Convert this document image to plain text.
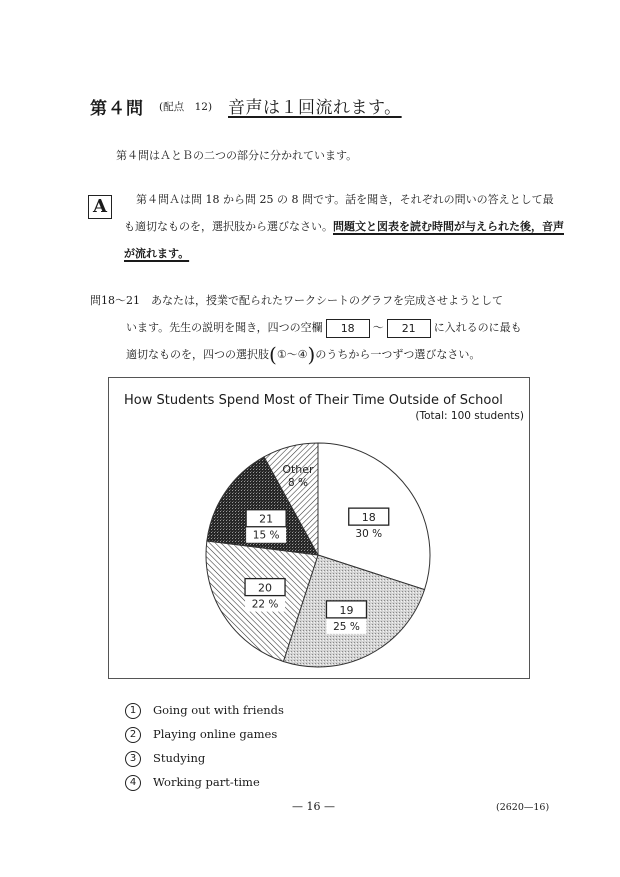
第４問 (配点　12) 音声は１回流れます。
第４問はＡとＢの二つの部分に分かれています。
A	第４問Ａは問 18 から問 25 の 8 問です。話を聞き，それぞれの問いの答えとして最も適切なものを，選択肢から選びなさい。問題文と図表を読む時間が与えられた後，音声が流れます。
問18～21　 あなたは，授業で配られたワークシートのグラフを完成させようとして
います。先生の説明を聞き，四つの空欄 18 ～ 21 に入れるのに最も
適切なものを，四つの選択肢(①～④)のうちから一つずつ選びなさい。
How Students Spend Most of Their Time Outside of School
(Total: 100 students)
18
30 %
19
25 %
20
22 %
21
15 %
Other
8 %
1 Going out with friends
2 Playing online games
3 Studying
4 Working part-time
— 16 —	(2620—16)
